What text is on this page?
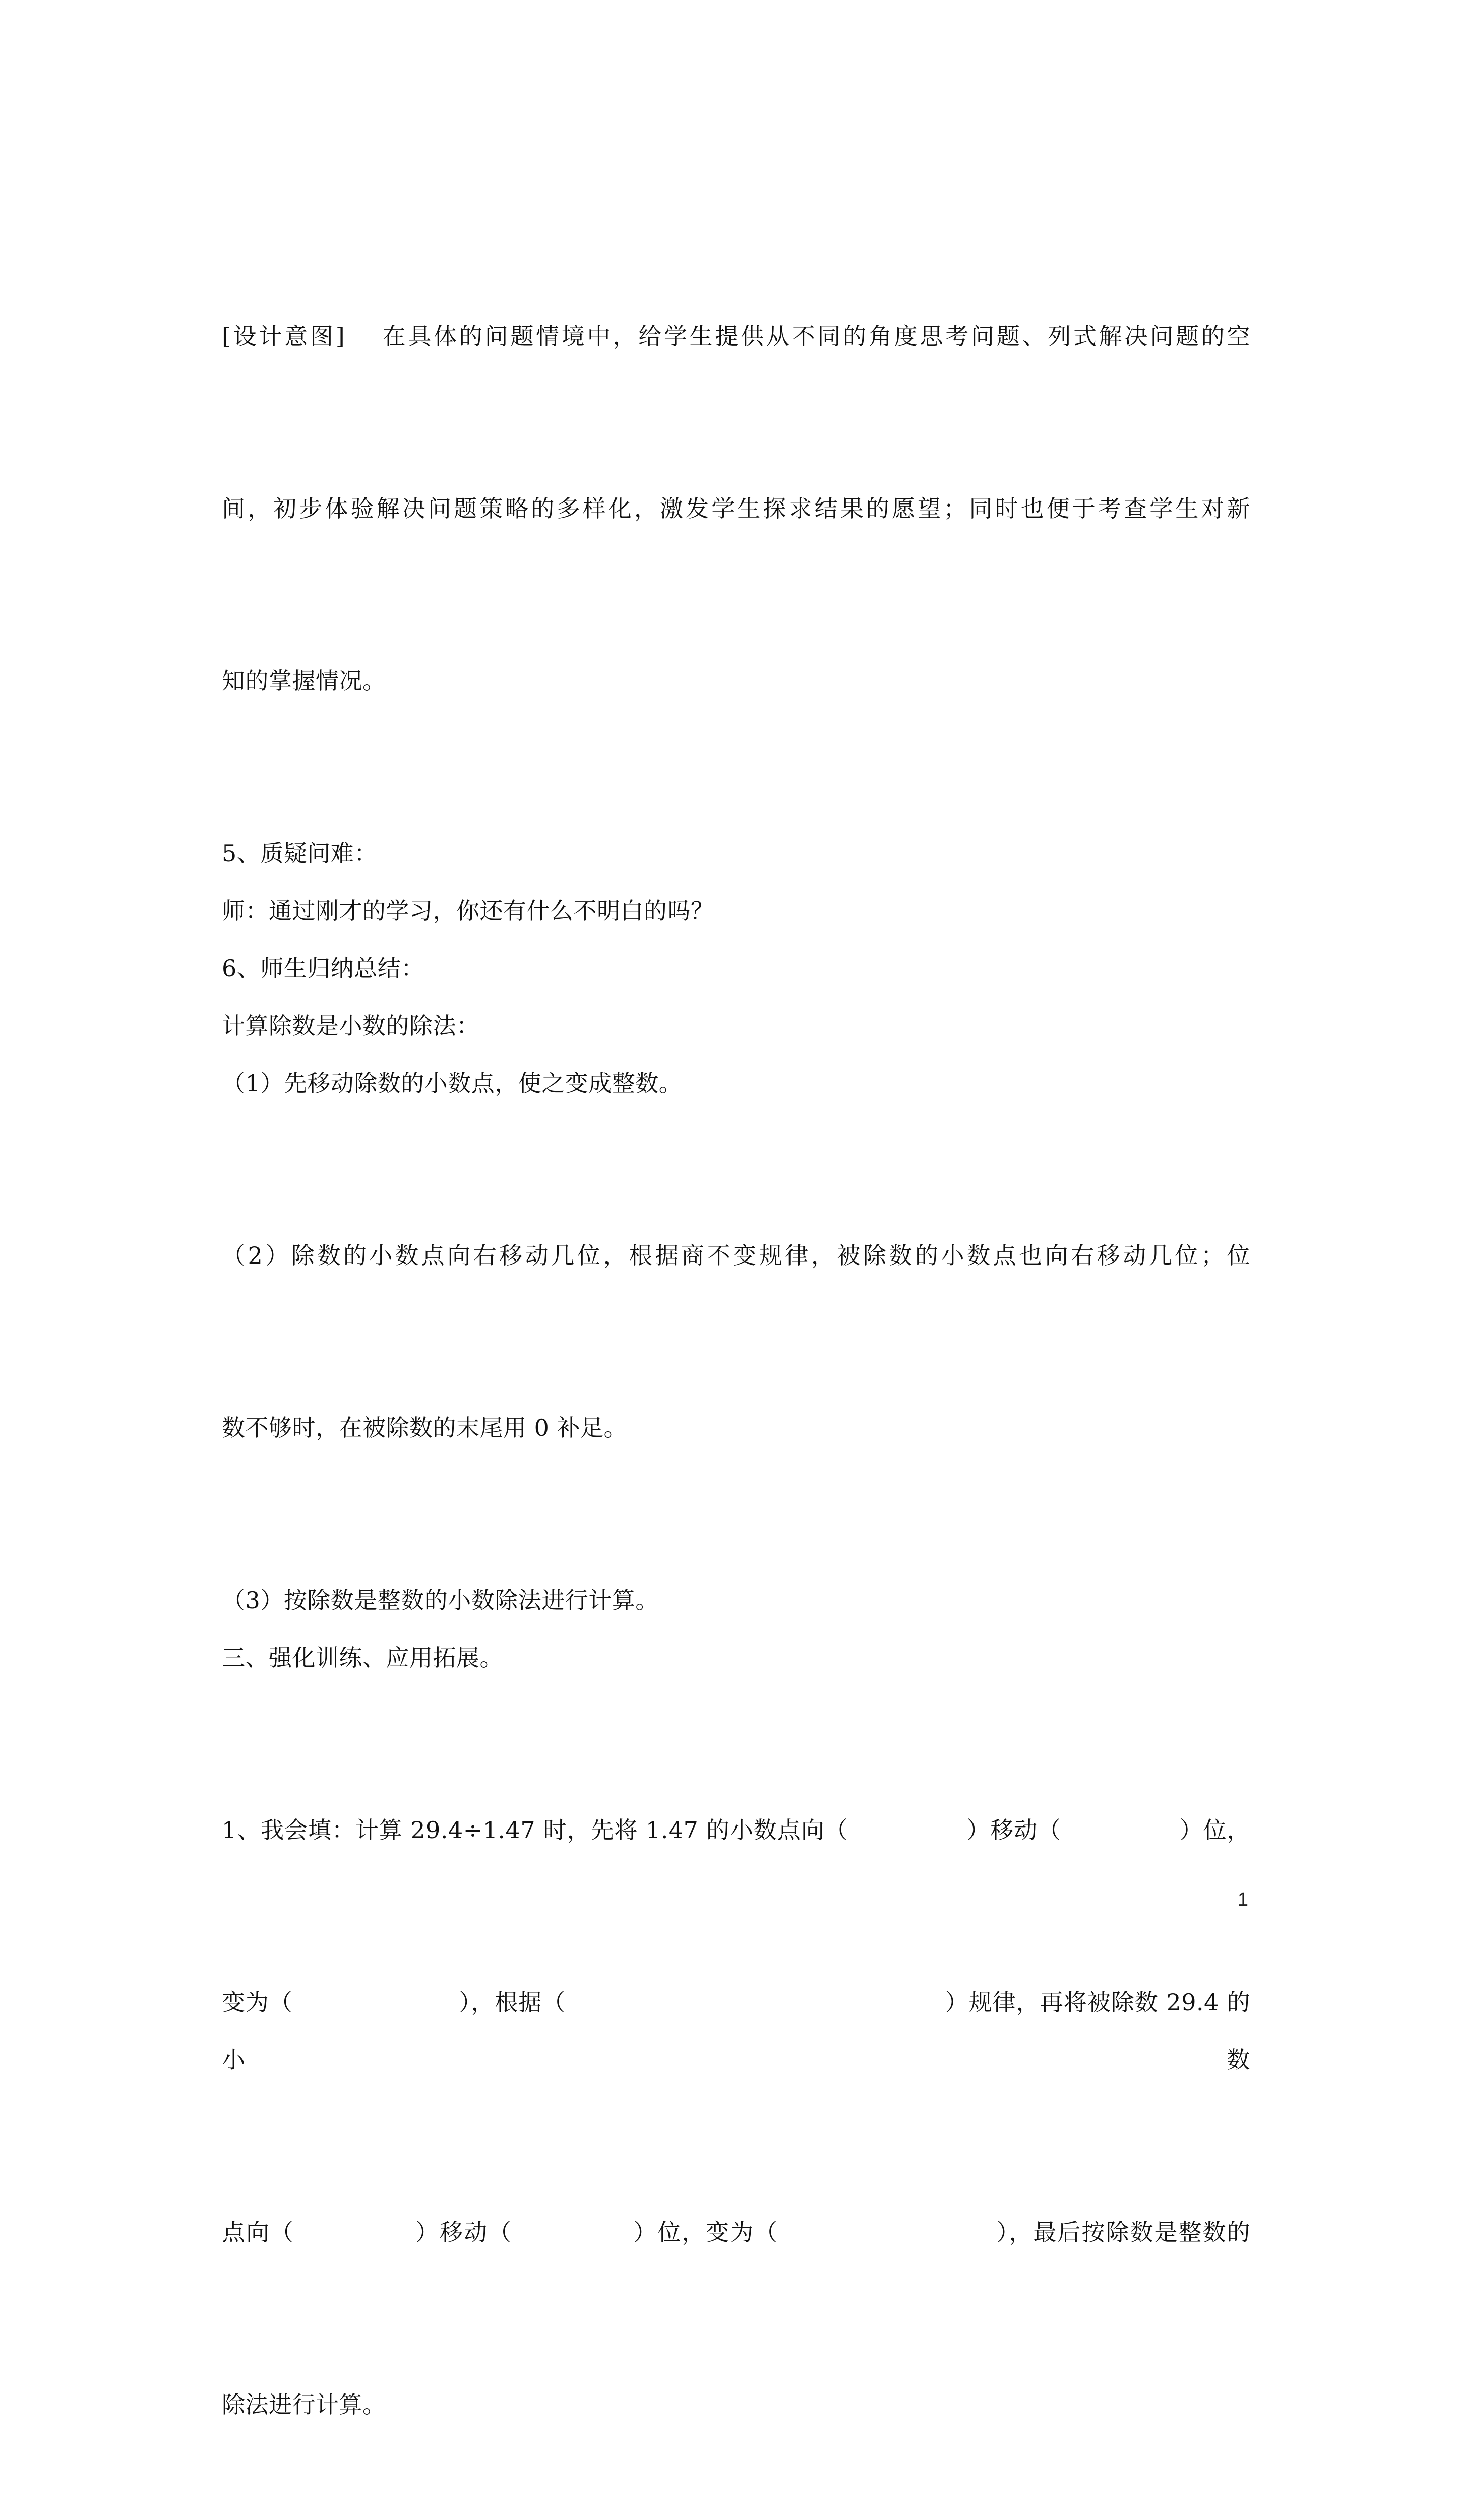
[设计意图]　 在具体的问题情境中，给学生提供从不同的角度思考问题、列式解决问题的空

间，初步体验解决问题策略的多样化，激发学生探求结果的愿望；同时也便于考查学生对新

知的掌握情况。

5、质疑问难：

师：通过刚才的学习，你还有什么不明白的吗？

6、师生归纳总结：

计算除数是小数的除法：

（1）先移动除数的小数点，使之变成整数。

（2）除数的小数点向右移动几位，根据商不变规律，被除数的小数点也向右移动几位；位

数不够时，在被除数的末尾用 0 补足。

（3）按除数是整数的小数除法进行计算。

三、强化训练、应用拓展。

1、我会填：计算 29.4÷1.47 时，先将 1.47 的小数点向（　　　　　）移动（　　　　　）位，

变为（　　　　　　　），根据（　　　　　　　　　　　　　　　　）规律，再将被除数 29.4 的小数

点向（　　　　　）移动（　　　　　）位，变为（　　　　　　　　　），最后按除数是整数的

除法进行计算。

1
